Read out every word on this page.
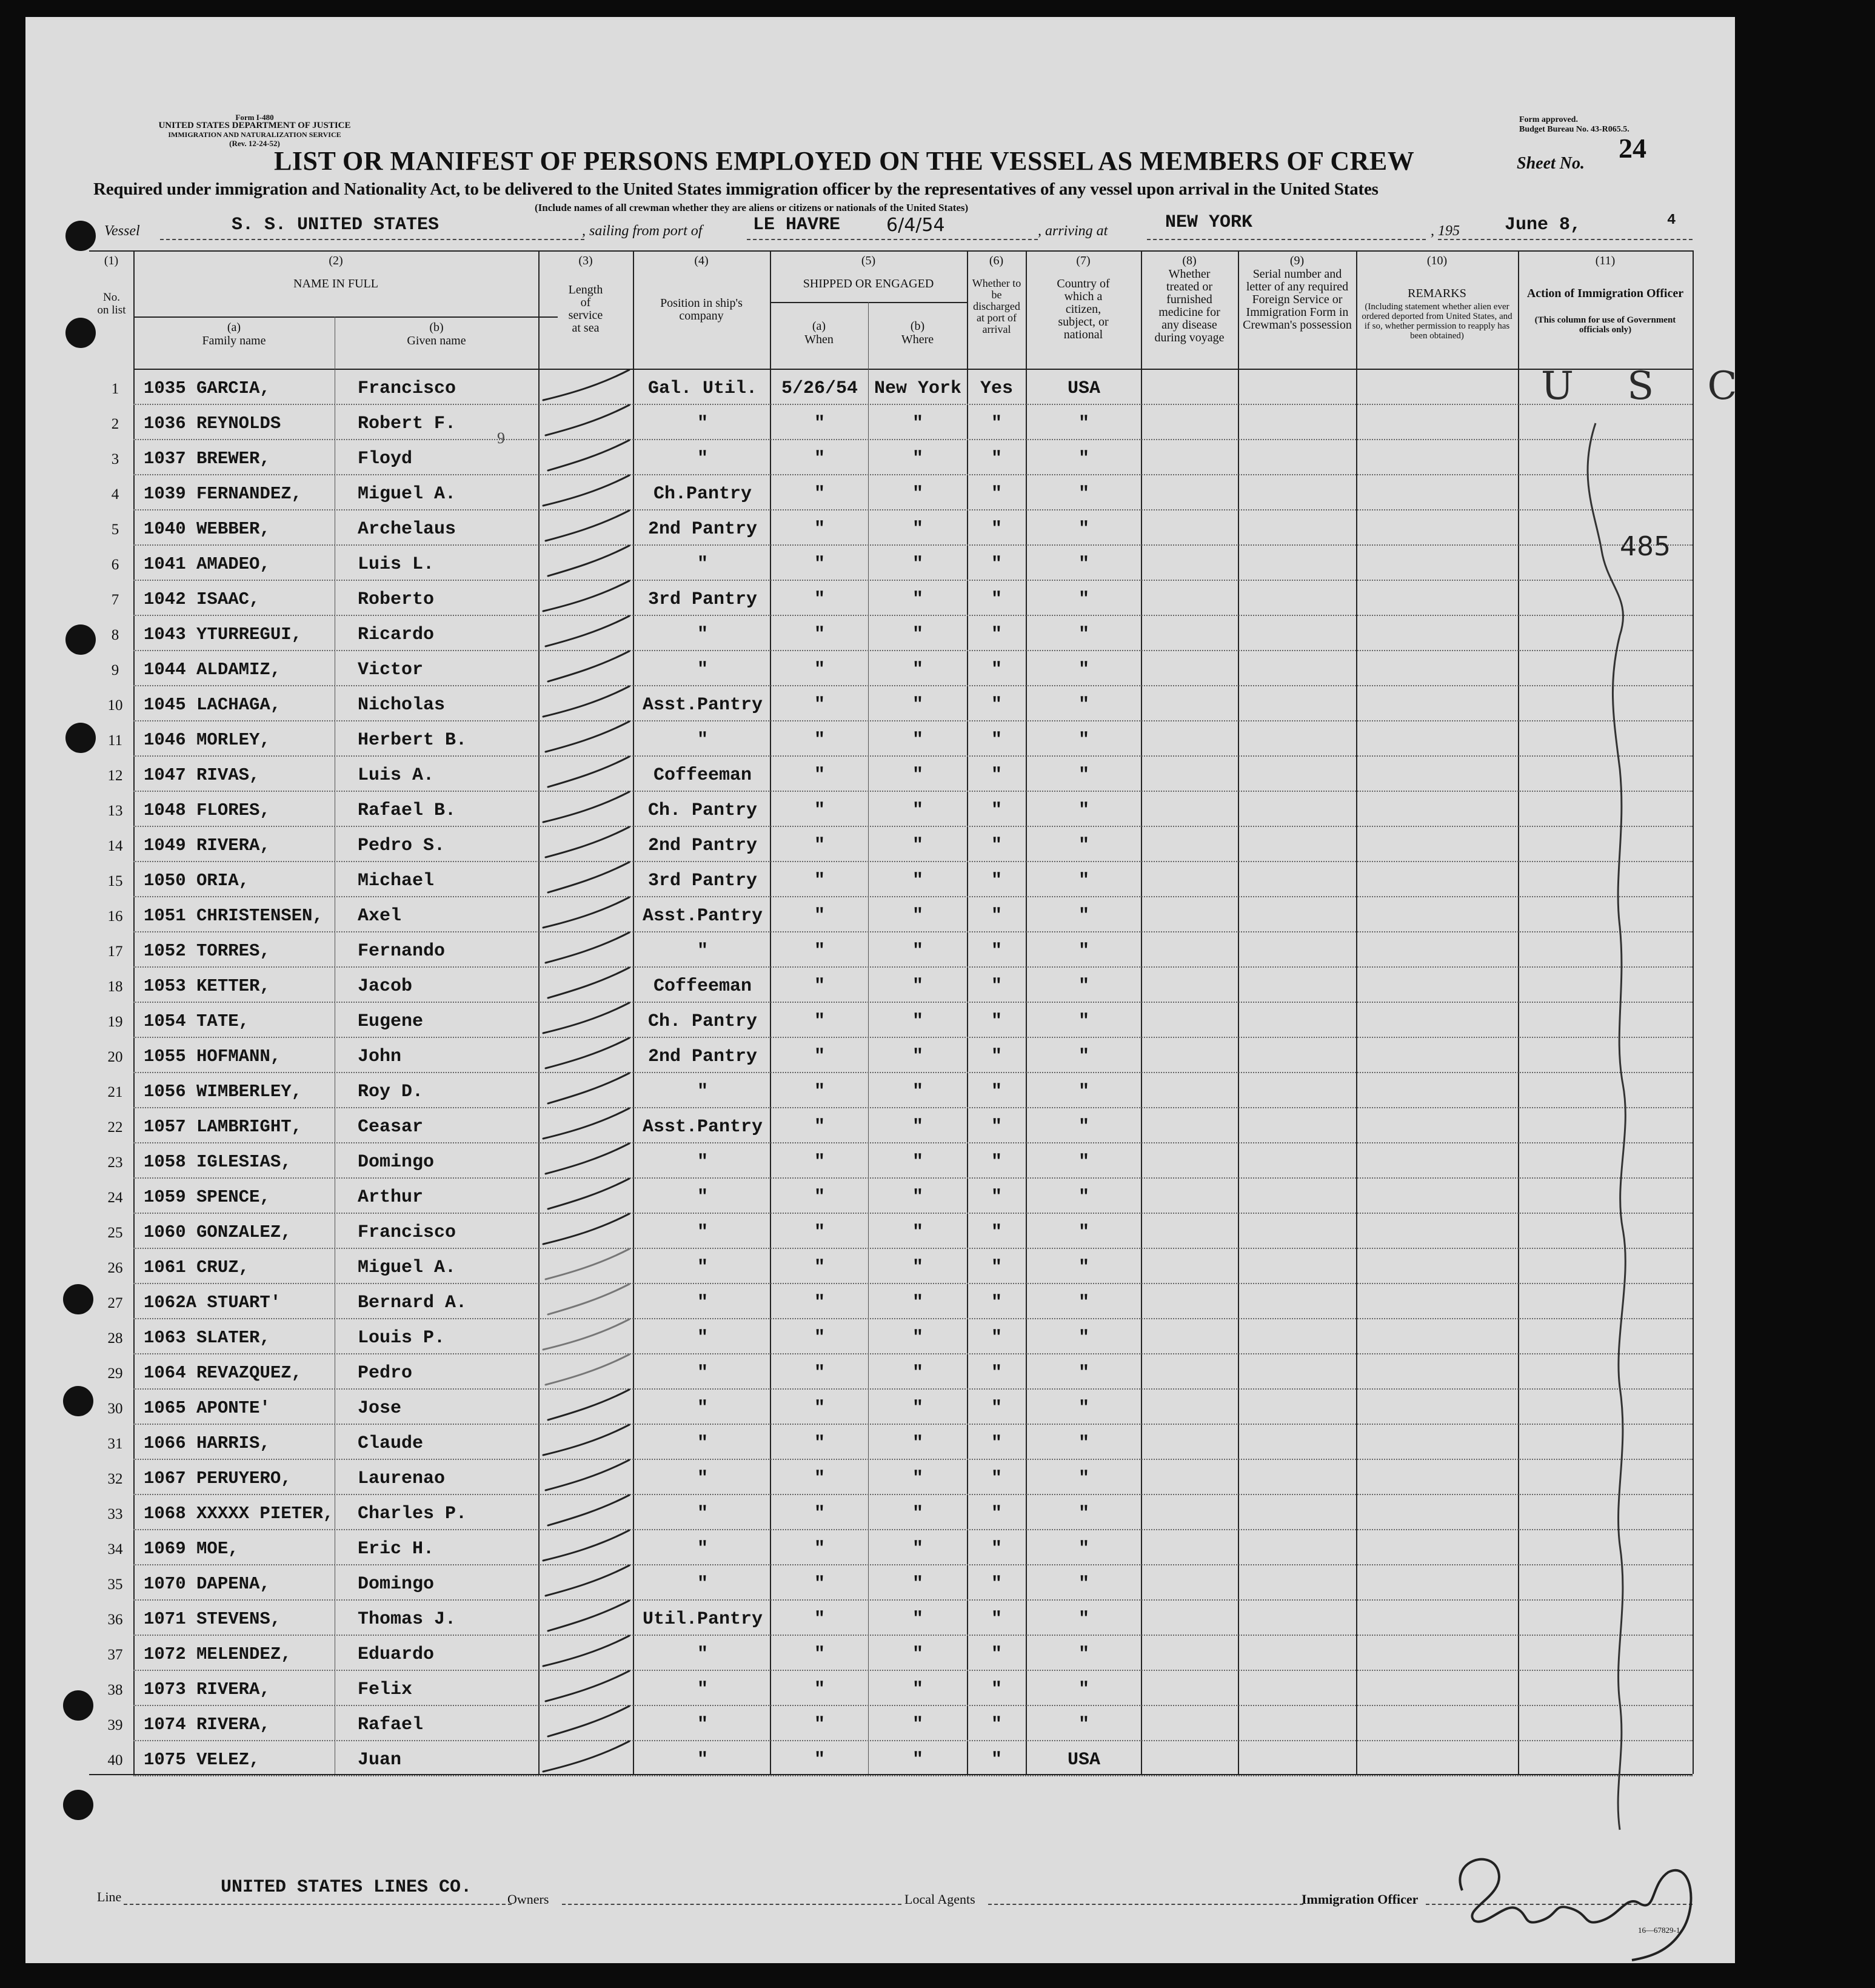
Form I-480
UNITED STATES DEPARTMENT OF JUSTICE
IMMIGRATION AND NATURALIZATION SERVICE
(Rev. 12-24-52)
Form approved.
Budget Bureau No. 43-R065.5.
LIST OR MANIFEST OF PERSONS EMPLOYED ON THE VESSEL AS MEMBERS OF CREW	Sheet No. 24
Required under immigration and Nationality Act, to be delivered to the United States immigration officer by the representatives of any vessel upon arrival in the United States
(Include names of all crewman whether they are aliens or citizens or nationals of the United States)
Vessel	S. S. UNITED STATES	, sailing from port of	LE HAVRE	6/4/54	, arriving at	NEW YORK	June 8,
, 195
4
(1)
No. on list
(2)
NAME IN FULL
(a)
Family name
(b)
Given name
(3)
Length of service at sea
(4)
Position in ship's company
(5)
SHIPPED OR ENGAGED
(a)
When
(b)
Where
(6)
Whether to be discharged at port of arrival
(7)
Country of which a citizen, subject, or national
(8)
Whether treated or furnished medicine for any disease during voyage
(9)
Serial number and letter of any required Foreign Service or Immigration Form in Crewman's possession
(10)
REMARKS
(Including statement whether alien ever ordered deported from United States, and if so, whether permission to reapply has been obtained)
(11)
Action of Immigration Officer
(This column for use of Government officials only)
1	1035 GARCIA,	Francisco	Gal. Util.	5/26/54 New York	Yes	USA
2	1036 REYNOLDS	Robert F.	"	"	"	"	"
3	1037 BREWER,	Floyd	"	"	"	"	"
4	1039 FERNANDEZ,	Miguel A.	Ch.Pantry	"	"	"	"
5	1040 WEBBER,	Archelaus	2nd Pantry	"	"	"	"
6	1041 AMADEO,	Luis L.	"	"	"	"	"
7	1042 ISAAC,	Roberto	3rd Pantry	"	"	"	"
8	1043 YTURREGUI,	Ricardo	"	"	"	"	"
9	1044 ALDAMIZ,	Victor	"	"	"	"	"
10	1045 LACHAGA,	Nicholas	Asst.Pantry	"	"	"	"
11	1046 MORLEY,	Herbert B.	"	"	"	"	"
12	1047 RIVAS,	Luis A.	Coffeeman	"	"	"	"
13	1048 FLORES,	Rafael B.	Ch. Pantry	"	"	"	"
14	1049 RIVERA,	Pedro S.	2nd Pantry	"	"	"	"
15	1050 ORIA,	Michael	3rd Pantry	"	"	"	"
16	1051 CHRISTENSEN,	Axel	Asst.Pantry	"	"	"	"
17	1052 TORRES,	Fernando	"	"	"	"	"
18	1053 KETTER,	Jacob	Coffeeman	"	"	"	"
19	1054 TATE,	Eugene	Ch. Pantry	"	"	"	"
20	1055 HOFMANN,	John	2nd Pantry	"	"	"	"
21	1056 WIMBERLEY,	Roy D.	"	"	"	"	"
22	1057 LAMBRIGHT,	Ceasar	Asst.Pantry	"	"	"	"
23	1058 IGLESIAS,	Domingo	"	"	"	"	"
24	1059 SPENCE,	Arthur	"	"	"	"	"
25	1060 GONZALEZ,	Francisco	"	"	"	"	"
26	1061 CRUZ,	Miguel A.	"	"	"	"	"
27	1062A STUART'	Bernard A.	"	"	"	"	"
28	1063 SLATER,	Louis P.	"	"	"	"	"
29	1064 REVAZQUEZ,	Pedro	"	"	"	"	"
30	1065 APONTE'	Jose	"	"	"	"	"
31	1066 HARRIS,	Claude	"	"	"	"	"
32	1067 PERUYERO,	Laurenao	"	"	"	"	"
33	1068 XXXXX PIETER, Charles P.	"	"	"	"	"
34	1069 MOE,	Eric H.	"	"	"	"	"
35	1070 DAPENA,	Domingo	"	"	"	"	"
36	1071 STEVENS,	Thomas J.	Util.Pantry	"	"	"	"
37	1072 MELENDEZ,	Eduardo	"	"	"	"	"
38	1073 RIVERA,	Felix	"	"	"	"	"
39	1074 RIVERA,	Rafael	"	"	"	"	"
40	1075 VELEZ,	Juan	"	"	"	"	USA
U S C
485
9
Line	UNITED STATES LINES CO.
Owners	Local Agents	Immigration Officer
16—67829-1
